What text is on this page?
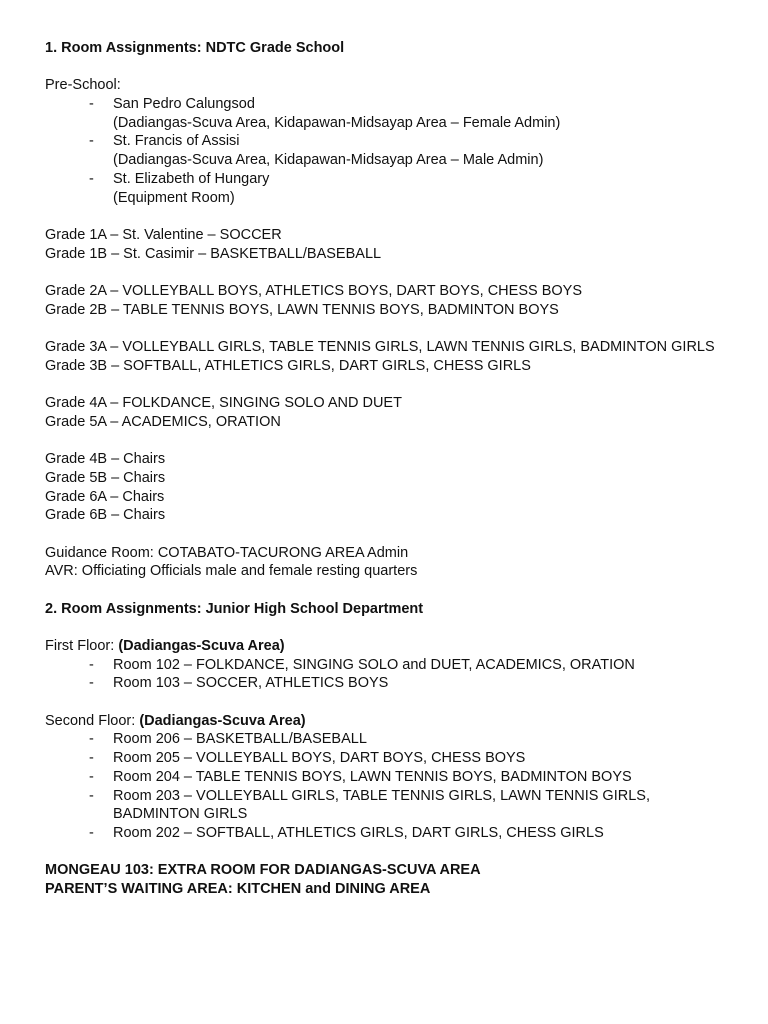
1. Room Assignments: NDTC Grade School
Pre-School:
- San Pedro Calungsod
(Dadiangas-Scuva Area, Kidapawan-Midsayap Area – Female Admin)
- St. Francis of Assisi
(Dadiangas-Scuva Area, Kidapawan-Midsayap Area – Male Admin)
- St. Elizabeth of Hungary
(Equipment Room)
Grade 1A – St. Valentine – SOCCER
Grade 1B – St. Casimir – BASKETBALL/BASEBALL
Grade 2A – VOLLEYBALL BOYS, ATHLETICS BOYS, DART BOYS, CHESS BOYS
Grade 2B – TABLE TENNIS BOYS, LAWN TENNIS BOYS, BADMINTON BOYS
Grade 3A – VOLLEYBALL GIRLS, TABLE TENNIS GIRLS, LAWN TENNIS GIRLS, BADMINTON GIRLS
Grade 3B – SOFTBALL, ATHLETICS GIRLS, DART GIRLS, CHESS GIRLS
Grade 4A – FOLKDANCE, SINGING SOLO AND DUET
Grade 5A – ACADEMICS, ORATION
Grade 4B – Chairs
Grade 5B – Chairs
Grade 6A – Chairs
Grade 6B – Chairs
Guidance Room: COTABATO-TACURONG AREA Admin
AVR: Officiating Officials male and female resting quarters
2. Room Assignments: Junior High School Department
First Floor: (Dadiangas-Scuva Area)
- Room 102 – FOLKDANCE, SINGING SOLO and DUET, ACADEMICS, ORATION
- Room 103 – SOCCER, ATHLETICS BOYS
Second Floor: (Dadiangas-Scuva Area)
- Room 206 – BASKETBALL/BASEBALL
- Room 205 – VOLLEYBALL BOYS, DART BOYS, CHESS BOYS
- Room 204 – TABLE TENNIS BOYS, LAWN TENNIS BOYS, BADMINTON BOYS
- Room 203 – VOLLEYBALL GIRLS, TABLE TENNIS GIRLS, LAWN TENNIS GIRLS,
BADMINTON GIRLS
- Room 202 – SOFTBALL, ATHLETICS GIRLS, DART GIRLS, CHESS GIRLS
MONGEAU 103: EXTRA ROOM FOR DADIANGAS-SCUVA AREA
PARENT’S WAITING AREA: KITCHEN and DINING AREA
